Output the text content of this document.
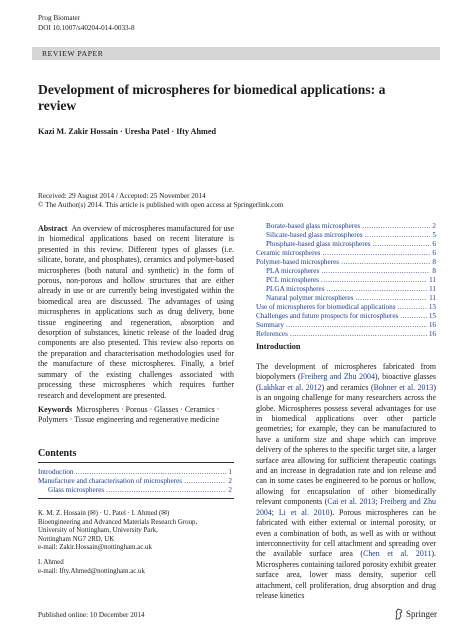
Prog Biomater
DOI 10.1007/s40204-014-0033-8
REVIEW PAPER
Development of microspheres for biomedical applications: a review
Kazi M. Zakir Hossain · Uresha Patel · Ifty Ahmed
Received: 29 August 2014 / Accepted: 25 November 2014
© The Author(s) 2014. This article is published with open access at Springerlink.com
Abstract An overview of microspheres manufactured for use in biomedical applications based on recent literature is presented in this review. Different types of glasses (i.e. silicate, borate, and phosphates), ceramics and polymer-based microspheres (both natural and synthetic) in the form of porous, non-porous and hollow structures that are either already in use or are currently being investigated within the biomedical area are discussed. The advantages of using microspheres in applications such as drug delivery, bone tissue engineering and regeneration, absorption and desorption of substances, kinetic release of the loaded drug components are also presented. This review also reports on the preparation and characterisation methodologies used for the manufacture of these microspheres. Finally, a brief summary of the existing challenges associated with processing these microspheres which requires further research and development are presented.
Keywords Microspheres · Porous · Glasses · Ceramics · Polymers · Tissue engineering and regenerative medicine
Contents
Introduction .....	1
Manufacture and characterisation of microspheres .....	2
Glass microspheres .....	2
K. M. Z. Hossain (✉) · U. Patel · I. Ahmed (✉)
Bioengineering and Advanced Materials Research Group,
University of Nottingham, University Park,
Nottingham NG7 2RD, UK
e-mail: Zakir.Hossain@nottingham.ac.uk
I. Ahmed
e-mail: Ifty.Ahmed@nottingham.ac.uk
Borate-based glass microspheres .....	2
Silicate-based glass microspheres .....	5
Phosphate-based glass microspheres .....	6
Ceramic microspheres .....	6
Polymer-based microspheres .....	8
PLA microspheres .....	8
PCL microspheres .....	11
PLGA microspheres .....	11
Natural polymer microspheres .....	11
Use of microspheres for biomedical applications .....	13
Challenges and future prospects for microspheres .....	15
Summary .....	16
References .....	16
Introduction
The development of microspheres fabricated from biopolymers (Freiberg and Zhu 2004), bioactive glasses (Lakhkar et al. 2012) and ceramics (Bohner et al. 2013) is an ongoing challenge for many researchers across the globe. Microspheres possess several advantages for use in biomedical applications over other particle geometries; for example, they can be manufactured to have a uniform size and shape which can improve delivery of the spheres to the specific target site, a larger surface area allowing for sufficient therapeutic coatings and an increase in degradation rate and ion release and can in some cases be engineered to be porous or hollow, allowing for encapsulation of other biomedically relevant components (Cai et al. 2013; Freiberg and Zhu 2004; Li et al. 2010). Porous microspheres can be fabricated with either external or internal porosity, or even a combination of both, as well as with or without interconnectivity for cell attachment and spreading over the available surface area (Chen et al. 2011). Microspheres containing tailored porosity exhibit greater surface area, lower mass density, superior cell attachment, cell proliferation, drug absorption and drug release kinetics
Published online: 10 December 2014	Springer
